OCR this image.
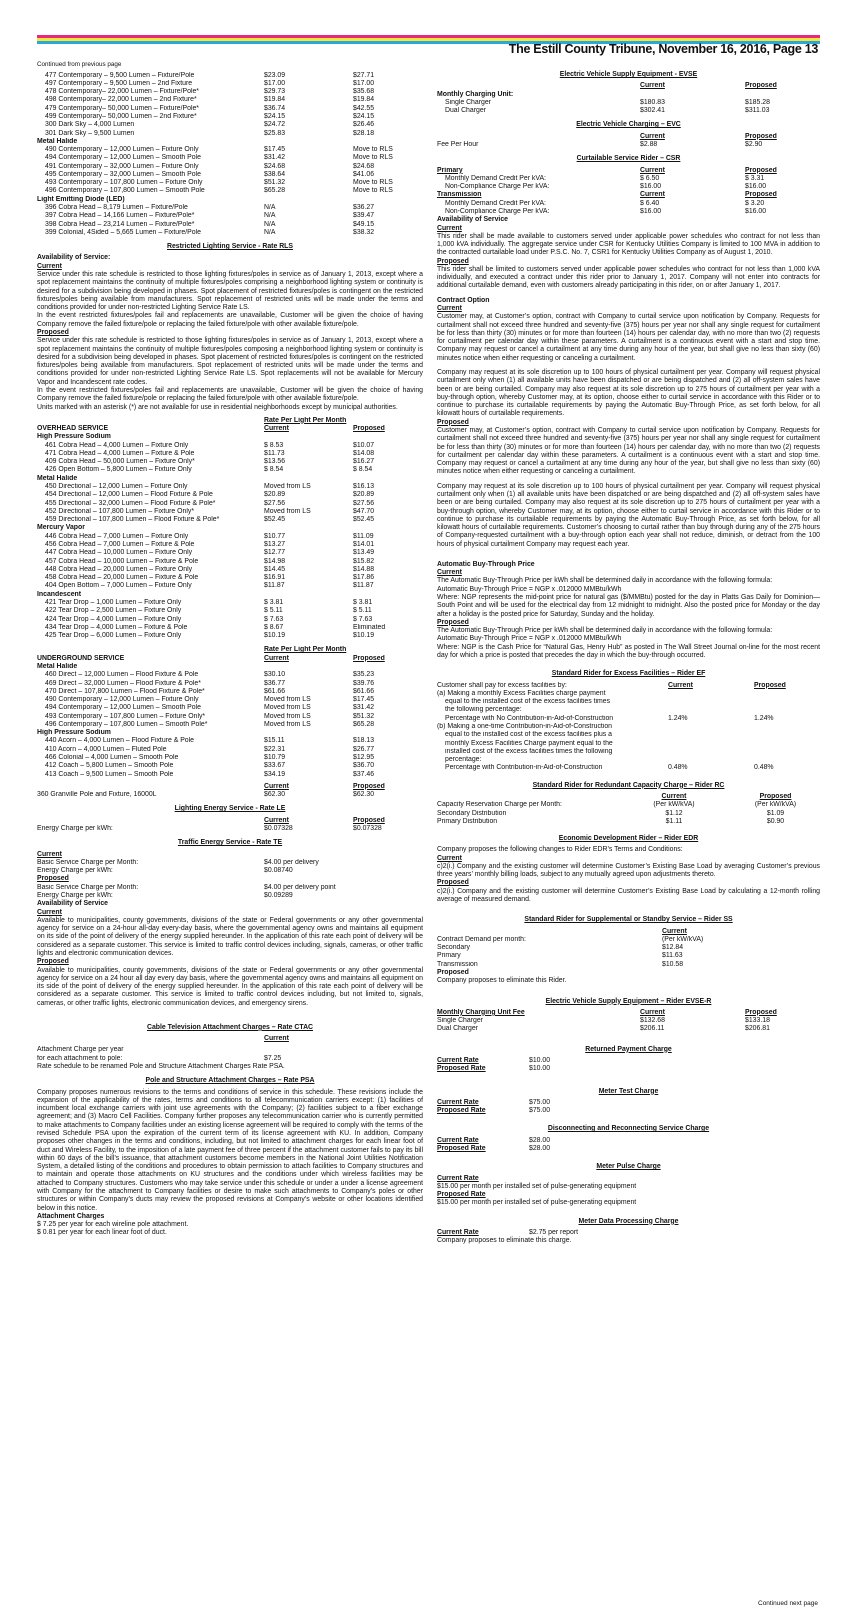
The Estill County Tribune, November 16, 2016, Page 13
Continued from previous page
477 Contemporary – 9,500 Lumen – Fixture/Pole	$23.09	$27.71
497 Contemporary – 9,500 Lumen – 2nd Fixture	$17.00	$17.00
478 Contemporary– 22,000 Lumen – Fixture/Pole*	$29.73	$35.68
498 Contemporary– 22,000 Lumen – 2nd Fixture*	$19.84	$19.84
479 Contemporary– 50,000 Lumen – Fixture/Pole*	$36.74	$42.55
499 Contemporary– 50,000 Lumen – 2nd Fixture*	$24.15	$24.15
300 Dark Sky – 4,000 Lumen	$24.72	$26.46
301 Dark Sky – 9,500 Lumen	$25.83	$28.18
Metal Halide
490 Contemporary – 12,000 Lumen – Fixture Only	$17.45	Move to RLS
494 Contemporary – 12,000 Lumen – Smooth Pole	$31.42	Move to RLS
491 Contemporary – 32,000 Lumen – Fixture Only	$24.68	$24.68
495 Contemporary – 32,000 Lumen – Smooth Pole	$38.64	$41.06
493 Contemporary – 107,800 Lumen – Fixture Only	$51.32	Move to RLS
496 Contemporary – 107,800 Lumen – Smooth Pole	$65.28	Move to RLS
Light Emitting Diode (LED)
396 Cobra Head – 8,179 Lumen – Fixture/Pole	N/A	$36.27
397 Cobra Head – 14,166 Lumen – Fixture/Pole*	N/A	$39.47
398 Cobra Head – 23,214 Lumen – Fixture/Pole*	N/A	$49.15
399 Colonial, 4Sided – 5,665 Lumen – Fixture/Pole	N/A	$38.32
Restricted Lighting Service - Rate RLS
Availability of Service:
Current

Service under this rate schedule is restricted to those lighting fixtures/poles in service as of January 1, 2013, except where a spot replacement maintains the continuity of multiple fixtures/poles comprising a neighborhood lighting system or continuity is desired for a subdivision being developed in phases. Spot placement of restricted fixtures/poles is contingent on the restricted fixtures/poles being available from manufacturers. Spot replacement of restricted units will be made under the terms and conditions provided for under non-restricted Lighting Service Rate LS.

In the event restricted fixtures/poles fail and replacements are unavailable, Customer will be given the choice of having Company remove the failed fixture/pole or replacing the failed fixture/pole with other available fixture/pole.

Proposed

Service under this rate schedule is restricted to those lighting fixtures/poles in service as of January 1, 2013, except where a spot replacement maintains the continuity of multiple fixtures/poles composing a neighborhood lighting system or continuity is desired for a subdivision being developed in phases. Spot placement of restricted fixtures/poles is contingent on the restricted fixtures/poles being available from manufacturers. Spot replacement of restricted units will be made under the terms and conditions provided for under non-restricted Lighting Service Rate LS. Spot replacements will not be available for Mercury Vapor and Incandescent rate codes.

In the event restricted fixtures/poles fail and replacements are unavailable, Customer will be given the choice of having Company remove the failed fixture/pole or replacing the failed fixture/pole with other available fixture/pole.

Units marked with an asterisk (*) are not available for use in residential neighborhoods except by municipal authorities.

Rate Per Light Per Month
OVERHEAD SERVICE	Current	Proposed
High Pressure Sodium
461 Cobra Head – 4,000 Lumen – Fixture Only	$ 8.53	$10.07
471 Cobra Head – 4,000 Lumen – Fixture & Pole	$11.73	$14.08
409 Cobra Head – 50,000 Lumen – Fixture Only*	$13.56	$16.27
426 Open Bottom – 5,800 Lumen – Fixture Only	$ 8.54	$ 8.54
Metal Halide
450 Directional – 12,000 Lumen – Fixture Only	Moved from LS	$16.13
454 Directional – 12,000 Lumen – Flood Fixture & Pole	$20.89	$20.89
455 Directional – 32,000 Lumen – Flood Fixture & Pole*	$27.56	$27.56
452 Directional – 107,800 Lumen – Fixture Only*	Moved from LS	$47.70
459 Directional – 107,800 Lumen – Flood Fixture & Pole*	$52.45	$52.45
Mercury Vapor
446 Cobra Head – 7,000 Lumen – Fixture Only	$10.77	$11.09
456 Cobra Head – 7,000 Lumen – Fixture & Pole	$13.27	$14.01
447 Cobra Head – 10,000 Lumen – Fixture Only	$12.77	$13.49
457 Cobra Head – 10,000 Lumen – Fixture & Pole	$14.98	$15.82
448 Cobra Head – 20,000 Lumen – Fixture Only	$14.45	$14.88
458 Cobra Head – 20,000 Lumen – Fixture & Pole	$16.91	$17.86
404 Open Bottom – 7,000 Lumen – Fixture Only	$11.87	$11.87
Incandescent
421 Tear Drop – 1,000 Lumen – Fixture Only	$ 3.81	$ 3.81
422 Tear Drop – 2,500 Lumen – Fixture Only	$ 5.11	$ 5.11
424 Tear Drop – 4,000 Lumen – Fixture Only	$ 7.63	$ 7.63
434 Tear Drop – 4,000 Lumen – Fixture & Pole	$ 8.67	Eliminated
425 Tear Drop – 6,000 Lumen – Fixture Only	$10.19	$10.19
Rate Per Light Per Month
UNDERGROUND SERVICE	Current	Proposed
Metal Halide
460 Direct – 12,000 Lumen – Flood Fixture & Pole	$30.10	$35.23
469 Direct – 32,000 Lumen – Flood Fixture & Pole*	$36.77	$39.76
470 Direct – 107,800 Lumen – Flood Fixture & Pole*	$61.66	$61.66
490 Contemporary – 12,000 Lumen – Fixture Only	Moved from LS	$17.45
494 Contemporary – 12,000 Lumen – Smooth Pole	Moved from LS	$31.42
493 Contemporary – 107,800 Lumen – Fixture Only*	Moved from LS	$51.32
496 Contemporary – 107,800 Lumen – Smooth Pole*	Moved from LS	$65.28
High Pressure Sodium
440 Acorn – 4,000 Lumen – Flood Fixture & Pole	$15.11	$18.13
410 Acorn – 4,000 Lumen – Fluted Pole	$22.31	$26.77
466 Colonial – 4,000 Lumen – Smooth Pole	$10.79	$12.95
412 Coach – 5,800 Lumen – Smooth Pole	$33.67	$36.70
413 Coach – 9,500 Lumen – Smooth Pole	$34.19	$37.46
Current	Proposed
360 Granville Pole and Fixture, 16000L	$62.30	$62.30
Lighting Energy Service - Rate LE
Current	Proposed
Energy Charge per kWh:	$0.07328	$0.07328
Traffic Energy Service - Rate TE
Current
Basic Service Charge per Month:	$4.00 per delivery
Energy Charge per kWh:	$0.08740
Proposed
Basic Service Charge per Month:	$4.00 per delivery point
Energy Charge per kWh:	$0.09289
Availability of Service
Current

Available to municipalities, county governments, divisions of the state or Federal governments or any other governmental agency for service on a 24-hour all-day every-day basis, where the governmental agency owns and maintains all equipment on its side of the point of delivery of the energy supplied hereunder. In the application of this rate each point of delivery will be considered as a separate customer. This service is limited to traffic control devices including, signals, cameras, or other traffic lights and electronic communication devices.

Proposed

Available to municipalities, county governments, divisions of the state or Federal governments or any other governmental agency for service on a 24 hour all day every day basis, where the governmental agency owns and maintains all equipment on its side of the point of delivery of the energy supplied hereunder. In the application of this rate each point of delivery will be considered as a separate customer. This service is limited to traffic control devices including, but not limited to, signals, cameras, or other traffic lights, electronic communication devices, and emergency sirens.

Cable Television Attachment Charges – Rate CTAC
Current
Attachment Charge per year
for each attachment to pole:	$7.25
Rate schedule to be renamed Pole and Structure Attachment Charges Rate PSA.
Pole and Structure Attachment Charges – Rate PSA

Company proposes numerous revisions to the terms and conditions of service in this schedule. These revisions include the expansion of the applicability of the rates, terms and conditions to all telecommunication carriers except: (1) facilities of incumbent local exchange carriers with joint use agreements with the Company; (2) facilities subject to a fiber exchange agreement; and (3) Macro Cell Facilities. Company further proposes any telecommunication carrier who is currently permitted to make attachments to Company facilities under an existing license agreement will be required to comply with the terms of the revised Schedule PSA upon the expiration of the current term of its license agreement with KU. In addition, Company proposes other changes in the terms and conditions, including, but not limited to attachment charges for each linear foot of duct and Wireless Facility, to the imposition of a late payment fee of three percent if the attachment customer fails to pay its bill within 60 days of the bill’s issuance, that attachment customers become members in the National Joint Utilities Notification System, a detailed listing of the conditions and procedures to obtain permission to attach facilities to Company structures and to maintain and operate those attachments on KU structures and the conditions under which wireless facilities may be attached to Company structures. Customers who may take service under this schedule or under a under a license agreement with Company for the attachment to Company facilities or desire to make such attachments to Company’s poles or other structures or within Company’s ducts may review the proposed revisions at Company’s website or other locations identified below in this notice.

Attachment Charges
$ 7.25 per year for each wireline pole attachment.
$ 0.81 per year for each linear foot of duct.
Electric Vehicle Supply Equipment - EVSE
Current	Proposed
Monthly Charging Unit:
Single Charger	$180.83	$185.28
Dual Charger	$302.41	$311.03
Electric Vehicle Charging – EVC
Current	Proposed
Fee Per Hour	$2.88	$2.90
Curtailable Service Rider – CSR
Primary	Current	Proposed
Monthly Demand Credit Per kVA:	$ 6.50	$ 3.31
Non-Compliance Charge Per kVA:	$16.00	$16.00
Transmission	Current	Proposed
Monthly Demand Credit Per kVA:	$ 6.40	$ 3.20
Non-Compliance Charge Per kVA:	$16.00	$16.00
Availability of Service
Current

This rider shall be made available to customers served under applicable power schedules who contract for not less than 1,000 kVA individually. The aggregate service under CSR for Kentucky Utilities Company is limited to 100 MVA in addition to the contracted curtailable load under P.S.C. No. 7, CSR1 for Kentucky Utilities Company as of August 1, 2010.

Proposed

This rider shall be limited to customers served under applicable power schedules who contract for not less than 1,000 kVA individually, and executed a contract under this rider prior to January 1, 2017. Company will not enter into contracts for additional curtailable demand, even with customers already participating in this rider, on or after January 1, 2017.

Contract Option
Current

Customer may, at Customer’s option, contract with Company to curtail service upon notification by Company. Requests for curtailment shall not exceed three hundred and seventy-five (375) hours per year nor shall any single request for curtailment be for less than thirty (30) minutes or for more than fourteen (14) hours per calendar day, with no more than two (2) requests for curtailment per calendar day within these parameters. A curtailment is a continuous event with a start and stop time. Company may request or cancel a curtailment at any time during any hour of the year, but shall give no less than sixty (60) minutes notice when either requesting or canceling a curtailment.

Company may request at its sole discretion up to 100 hours of physical curtailment per year. Company will request physical curtailment only when (1) all available units have been dispatched or are being dispatched and (2) all off-system sales have been or are being curtailed. Company may also request at its sole discretion up to 275 hours of curtailment per year with a buy-through option, whereby Customer may, at its option, choose either to curtail service in accordance with this Rider or to continue to purchase its curtailable requirements by paying the Automatic Buy-Through Price, as set forth below, for all kilowatt hours of curtailable requirements.

Proposed

Customer may, at Customer’s option, contract with Company to curtail service upon notification by Company. Requests for curtailment shall not exceed three hundred and seventy-five (375) hours per year nor shall any single request for curtailment be for less than thirty (30) minutes or for more than fourteen (14) hours per calendar day, with no more than two (2) requests for curtailment per calendar day within these parameters. A curtailment is a continuous event with a start and stop time. Company may request or cancel a curtailment at any time during any hour of the year, but shall give no less than sixty (60) minutes notice when either requesting or canceling a curtailment.

Company may request at its sole discretion up to 100 hours of physical curtailment per year. Company will request physical curtailment only when (1) all available units have been dispatched or are being dispatched and (2) all off-system sales have been or are being curtailed. Company may also request at its sole discretion up to 275 hours of curtailment per year with a buy-through option, whereby Customer may, at its option, choose either to curtail service in accordance with this Rider or to continue to purchase its curtailable requirements by paying the Automatic Buy-Through Price, as set forth below, for all kilowatt hours of curtailable requirements. Customer’s choosing to curtail rather than buy through during any of the 275 hours of Company-requested curtailment with a buy-through option each year shall not reduce, diminish, or detract from the 100 hours of physical curtailment Company may request each year.

Automatic Buy-Through Price
Current

The Automatic Buy-Through Price per kWh shall be determined daily in accordance with the following formula:

Automatic Buy-Through Price = NGP x .012000 MMBtu/kWh

Where: NGP represents the mid-point price for natural gas ($/MMBtu) posted for the day in Platts Gas Daily for Dominion—South Point and will be used for the electrical day from 12 midnight to midnight. Also the posted price for Monday or the day after a holiday is the posted price for Saturday, Sunday and the holiday.

Proposed

The Automatic Buy-Through Price per kWh shall be determined daily in accordance with the following formula:

Automatic Buy-Through Price = NGP x .012000 MMBtu/kWh

Where: NGP is the Cash Price for “Natural Gas, Henry Hub” as posted in The Wall Street Journal on-line for the most recent day for which a price is posted that precedes the day in which the buy-through occurred.

Standard Rider for Excess Facilities – Rider EF
Customer shall pay for excess facilities by:	Current	Proposed
(a) Making a monthly Excess Facilities charge payment
equal to the installed cost of the excess facilities times
the following percentage:
Percentage with No Contribution-in-Aid-of-Construction	1.24%	1.24%
(b) Making a one-time Contribution-in-Aid-of-Construction
equal to the installed cost of the excess facilities plus a
monthly Excess Facilities Charge payment equal to the
installed cost of the excess facilities times the following
percentage:
Percentage with Contribution-in-Aid-of-Construction	0.48%	0.48%
Standard Rider for Redundant Capacity Charge – Rider RC
Current	Proposed
Capacity Reservation Charge per Month:	(Per kW/kVA)	(Per kW/kVA)
Secondary Distribution	$1.12	$1.09
Primary Distribution	$1.11	$0.90
Economic Development Rider – Rider EDR
Company proposes the following changes to Rider EDR’s Terms and Conditions:
Current

c)2(i.) Company and the existing customer will determine Customer’s Existing Base Load by averaging Customer’s previous three years’ monthly billing loads, subject to any mutually agreed upon adjustments thereto.

Proposed

c)2(i.) Company and the existing customer will determine Customer’s Existing Base Load by calculating a 12-month rolling average of measured demand.

Standard Rider for Supplemental or Standby Service – Rider SS
Current
Contract Demand per month:	(Per kW/kVA)
Secondary	$12.84
Primary	$11.63
Transmission	$10.58
Proposed
Company proposes to eliminate this Rider.
Electric Vehicle Supply Equipment – Rider EVSE-R
Monthly Charging Unit Fee	Current	Proposed
Single Charger	$132.68	$133.18
Dual Charger	$206.11	$206.81
Returned Payment Charge
Current Rate	$10.00
Proposed Rate	$10.00
Meter Test Charge
Current Rate	$75.00
Proposed Rate	$75.00
Disconnecting and Reconnecting Service Charge
Current Rate	$28.00
Proposed Rate	$28.00
Meter Pulse Charge
Current Rate
$15.00 per month per installed set of pulse-generating equipment
Proposed Rate
$15.00 per month per installed set of pulse-generating equipment
Meter Data Processing Charge
Current Rate	$2.75 per report
Company proposes to eliminate this charge.
Continued next page
